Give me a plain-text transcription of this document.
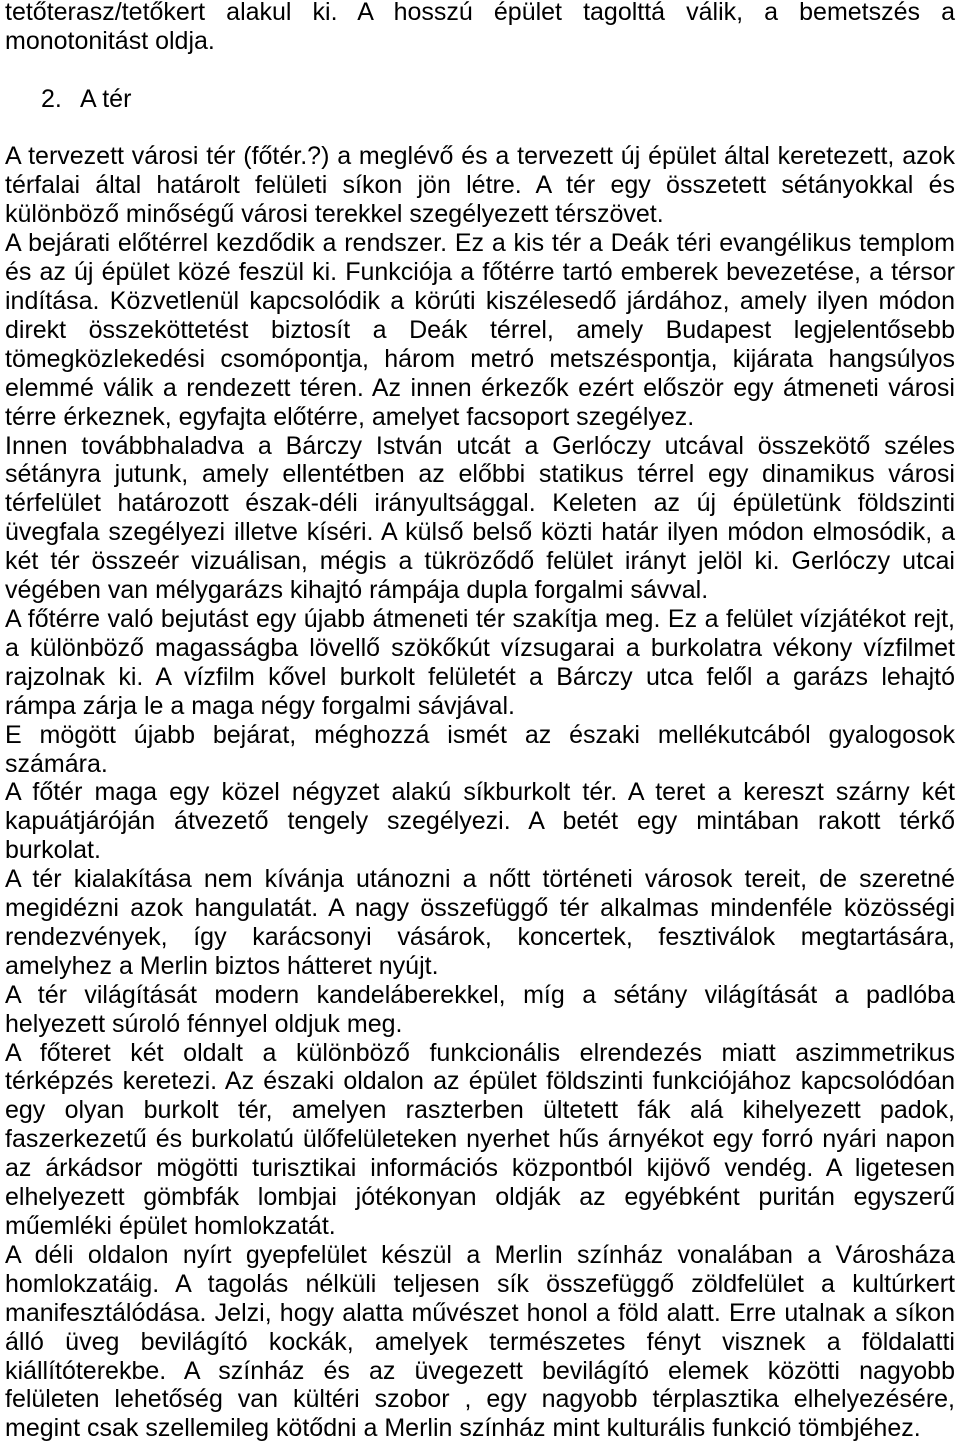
tetőterasz/tetőkert alakul ki. A hosszú épület tagolttá válik, a bemetszés a
monotonitást oldja.

2. A tér

A tervezett városi tér (főtér.?) a meglévő és a tervezett új épület által keretezett, azok
térfalai által határolt felületi síkon jön létre. A tér egy összetett sétányokkal és
különböző minőségű városi terekkel szegélyezett térszövet.

A bejárati előtérrel kezdődik a rendszer. Ez a kis tér a Deák téri evangélikus templom
és az új épület közé feszül ki. Funkciója a főtérre tartó emberek bevezetése, a térsor
indítása. Közvetlenül kapcsolódik a körúti kiszélesedő járdához, amely ilyen módon
direkt összeköttetést biztosít a Deák térrel, amely Budapest legjelentősebb
tömegközlekedési csomópontja, három metró metszéspontja, kijárata hangsúlyos
elemmé válik a rendezett téren. Az innen érkezők ezért először egy átmeneti városi
térre érkeznek, egyfajta előtérre, amelyet facsoport szegélyez.

Innen továbbhaladva a Bárczy István utcát a Gerlóczy utcával összekötő széles
sétányra jutunk, amely ellentétben az előbbi statikus térrel egy dinamikus városi
térfelület határozott észak-déli irányultsággal. Keleten az új épületünk földszinti
üvegfala szegélyezi illetve kíséri. A külső belső közti határ ilyen módon elmosódik, a
két tér összeér vizuálisan, mégis a tükröződő felület irányt jelöl ki. Gerlóczy utcai
végében van mélygarázs kihajtó rámpája dupla forgalmi sávval.

A főtérre való bejutást egy újabb átmeneti tér szakítja meg. Ez a felület vízjátékot rejt,
a különböző magasságba lövellő szökőkút vízsugarai a burkolatra vékony vízfilmet
rajzolnak ki. A vízfilm kővel burkolt felületét a Bárczy utca felől a garázs lehajtó
rámpa zárja le a maga négy forgalmi sávjával.

E mögött újabb bejárat, méghozzá ismét az északi mellékutcából gyalogosok
számára.

A főtér maga egy közel négyzet alakú síkburkolt tér. A teret a kereszt szárny két
kapuátjáróján átvezető tengely szegélyezi. A betét egy mintában rakott térkő
burkolat.

A tér kialakítása nem kívánja utánozni a nőtt történeti városok tereit, de szeretné
megidézni azok hangulatát. A nagy összefüggő tér alkalmas mindenféle közösségi
rendezvények, így karácsonyi vásárok, koncertek, fesztiválok megtartására,
amelyhez a Merlin biztos hátteret nyújt.

A tér világítását modern kandeláberekkel, míg a sétány világítását a padlóba
helyezett súroló fénnyel oldjuk meg.

A főteret két oldalt a különböző funkcionális elrendezés miatt aszimmetrikus
térképzés keretezi. Az északi oldalon az épület földszinti funkciójához kapcsolódóan
egy olyan burkolt tér, amelyen raszterben ültetett fák alá kihelyezett padok,
faszerkezetű és burkolatú ülőfelületeken nyerhet hűs árnyékot egy forró nyári napon
az árkádsor mögötti turisztikai információs központból kijövő vendég. A ligetesen
elhelyezett gömbfák lombjai jótékonyan oldják az egyébként puritán egyszerű
műemléki épület homlokzatát.

A déli oldalon nyírt gyepfelület készül a Merlin színház vonalában a Városháza
homlokzatáig. A tagolás nélküli teljesen sík összefüggő zöldfelület a kultúrkert
manifesztálódása. Jelzi, hogy alatta művészet honol a föld alatt. Erre utalnak a síkon
álló üveg bevilágító kockák, amelyek természetes fényt visznek a földalatti
kiállítóterekbe. A színház és az üvegezett bevilágító elemek közötti nagyobb
felületen lehetőség van kültéri szobor , egy nagyobb térplasztika elhelyezésére,
megint csak szellemileg kötődni a Merlin színház mint kulturális funkció tömbjéhez.
